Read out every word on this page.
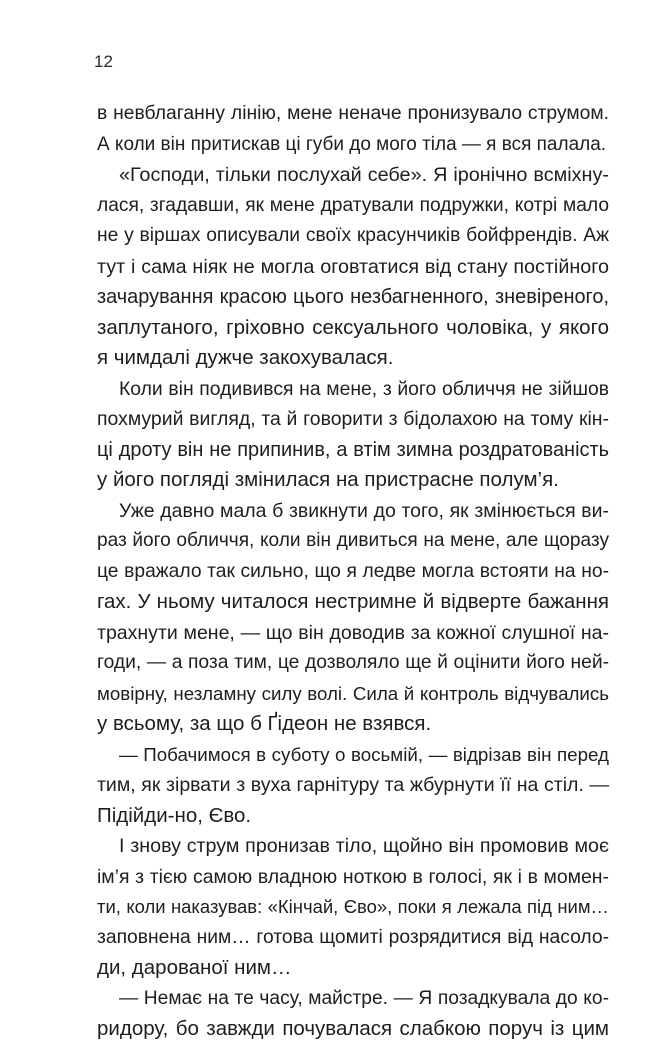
12
в невблаганну лінію, мене неначе пронизувало струмом.
А коли він притискав ці губи до мого тіла — я вся палала.
«Господи, тільки послухай себе». Я іронічно всміхну-
лася, згадавши, як мене дратували подружки, котрі мало
не у віршах описували своїх красунчиків бойфрендів. Аж
тут і сама ніяк не могла оговтатися від стану постійного
зачарування красою цього незбагненного, зневіреного,
заплутаного, гріховно сексуального чоловіка, у якого
я чимдалі дужче закохувалася.
Коли він подивився на мене, з його обличчя не зійшов
похмурий вигляд, та й говорити з бідолахою на тому кін-
ці дроту він не припинив, а втім зимна роздратованість
у його погляді змінилася на пристрасне полум’я.
Уже давно мала б звикнути до того, як змінюється ви-
раз його обличчя, коли він дивиться на мене, але щоразу
це вражало так сильно, що я ледве могла встояти на но-
гах. У ньому читалося нестримне й відверте бажання
трахнути мене, — що він доводив за кожної слушної на-
годи, — а поза тим, це дозволяло ще й оцінити його ней-
мовірну, незламну силу волі. Сила й контроль відчувались
у всьому, за що б Ґідеон не взявся.
— Побачимося в суботу о восьмій, — відрізав він перед
тим, як зірвати з вуха гарнітуру та жбурнути її на стіл. —
Підійди-но, Єво.
І знову струм пронизав тіло, щойно він промовив моє
ім’я з тією самою владною ноткою в голосі, як і в момен-
ти, коли наказував: «Кінчай, Єво», поки я лежала під ним…
заповнена ним… готова щомиті розрядитися від насоло-
ди, дарованої ним…
— Немає на те часу, майстре. — Я позадкувала до ко-
ридору, бо завжди почувалася слабкою поруч із цим
